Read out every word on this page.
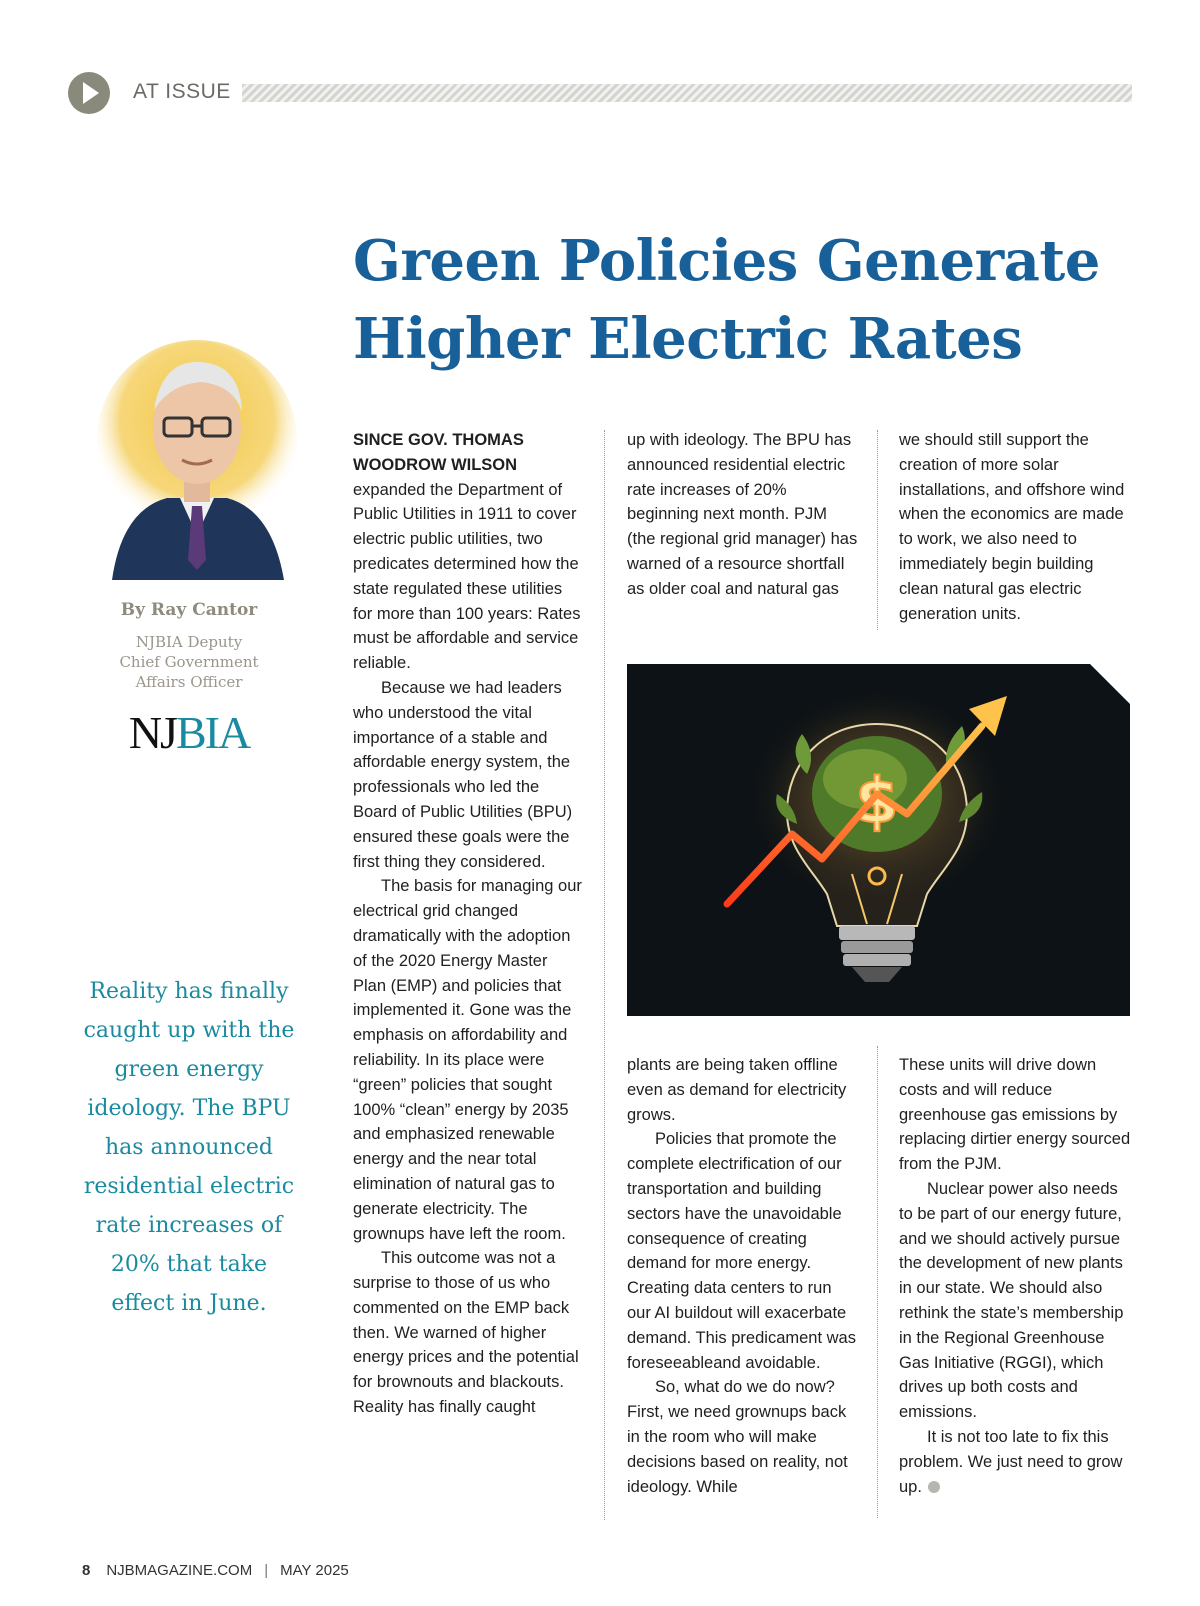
AT ISSUE
Green Policies Generate
Higher Electric Rates
By Ray Cantor
NJBIA Deputy
Chief Government
Affairs Officer
NJBIA
Reality has finally caught up with the green energy ideology. The BPU has announced residential electric rate increases of 20% that take effect in June.

SINCE GOV. THOMAS WOODROW WILSON expanded the Department of Public Utilities in 1911 to cover electric public utilities, two predicates determined how the state regulated these utilities for more than 100 years: Rates must be affordable and service reliable.

Because we had leaders who understood the vital importance of a stable and affordable energy system, the professionals who led the Board of Public Utilities (BPU) ensured these goals were the first thing they considered.

The basis for managing our electrical grid changed dramatically with the adoption of the 2020 Energy Master Plan (EMP) and policies that implemented it. Gone was the emphasis on affordability and reliability. In its place were “green” policies that sought 100% “clean” energy by 2035 and emphasized renewable energy and the near total elimination of natural gas to generate electricity. The grownups have left the room.

This outcome was not a surprise to those of us who commented on the EMP back then. We warned of higher energy prices and the potential for brownouts and blackouts. Reality has finally caught

up with ideology. The BPU has announced residential electric rate increases of 20% beginning next month. PJM (the regional grid manager) has warned of a resource shortfall as older coal and natural gas

we should still support the creation of more solar installations, and offshore wind when the economics are made to work, we also need to immediately begin building clean natural gas electric generation units.

$

plants are being taken offline even as demand for electricity grows.

Policies that promote the complete electrification of our transportation and building sectors have the unavoidable consequence of creating demand for more energy. Creating data centers to run our AI buildout will exacerbate demand. This predicament was foreseeableand avoidable.

So, what do we do now? First, we need grownups back in the room who will make decisions based on reality, not ideology. While

These units will drive down costs and will reduce greenhouse gas emissions by replacing dirtier energy sourced from the PJM.

Nuclear power also needs to be part of our energy future, and we should actively pursue the development of new plants in our state. We should also rethink the state’s membership in the Regional Greenhouse Gas Initiative (RGGI), which drives up both costs and emissions.

It is not too late to fix this problem. We just need to grow up.

8 NJBMAGAZINE.COM | MAY 2025
